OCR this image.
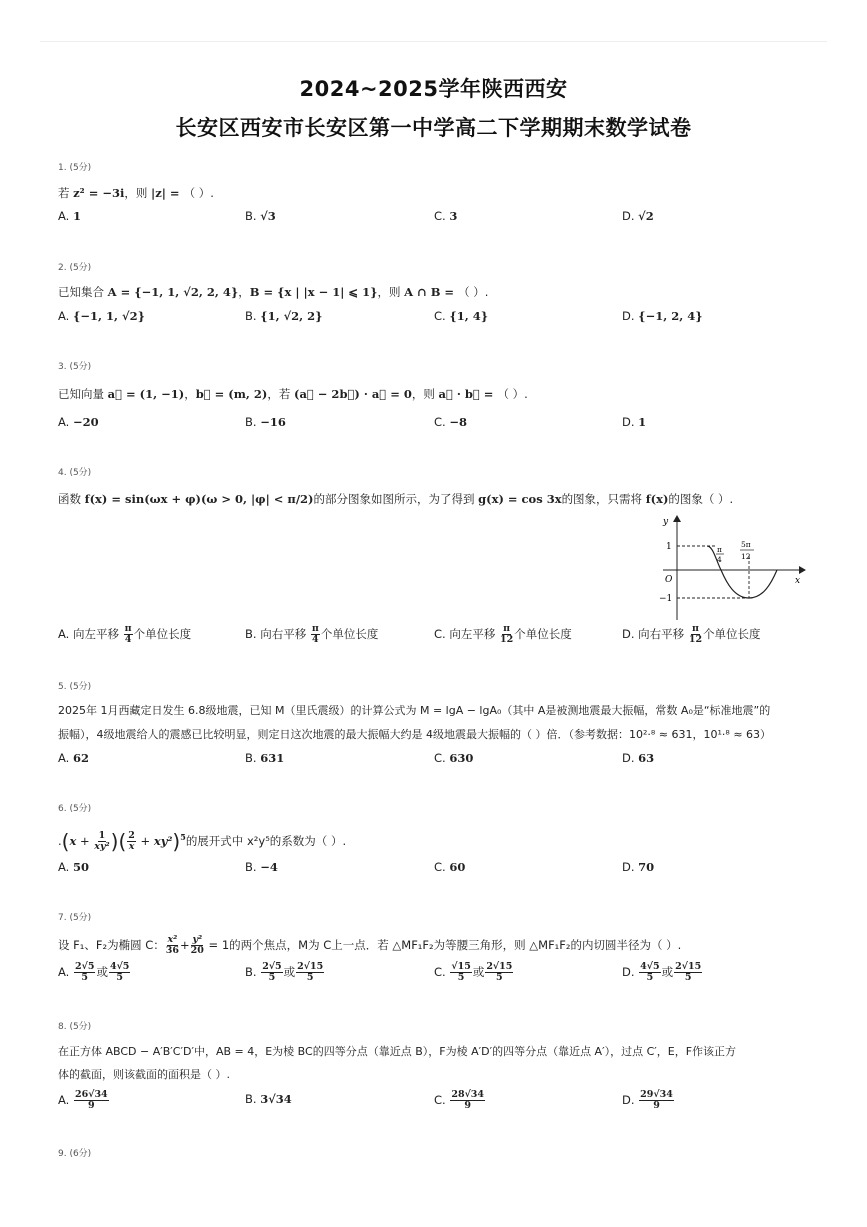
2024~2025学年陕西西安
长安区西安市长安区第一中学高二下学期期末数学试卷
1. (5分)
若 z² = −3i，则 |z| = （ ）.
A. 1	B. √3	C. 3	D. √2
2. (5分)
已知集合 A = {−1, 1, √2, 2, 4}，B = {x | |x − 1| ⩽ 1}，则 A ∩ B = （ ）.
A. {−1, 1, √2}	B. {1, √2, 2}	C. {1, 4}	D. {−1, 2, 4}
3. (5分)
已知向量 a⃗ = (1, −1)，b⃗ = (m, 2)，若 (a⃗ − 2b⃗) · a⃗ = 0，则 a⃗ · b⃗ = （ ）.
A. −20	B. −16	C. −8	D. 1
4. (5分)
函数 f(x) = sin(ωx + φ)(ω > 0, |φ| < π/2)的部分图象如图所示，为了得到 g(x) = cos 3x的图象，只需将 f(x)的图象（ ）.
y
x
O
1
−1
π
4
5π
12
A. 向左平移 $\frac{\pi}{4}$ 个单位长度	B. 向右平移 $\frac{\pi}{4}$ 个单位长度	C. 向左平移 $\frac{\pi}{12}$ 个单位长度	D. 向右平移 $\frac{\pi}{12}$ 个单位长度
5. (5分)
2025年 1月西藏定日发生 6.8级地震，已知 M（里氏震级）的计算公式为 M = lgA − lgA₀（其中 A是被测地震最大振幅，常数 A₀是“标准地震”的
振幅），4级地震给人的震感已比较明显，则定日这次地震的最大振幅大约是 4级地震最大振幅的（ ）倍．（参考数据：10²·⁸ ≈ 631，10¹·⁸ ≈ 63）
A. 62	B. 631	C. 630	D. 63
6. (5分)
$.(x + \frac{1}{\text{xy²}}$ )( $\frac{2}{x} + xy^2)^5$的展开式中 x²y⁵的系数为（ ）.
A. 50	B. −4	C. 60	D. 70
7. (5分)
设 F₁、F₂为椭圆 C： $\frac{\text{x²}}{36} + \frac{\text{y²}}{20} = 1$的两个焦点，M为 C上一点．若 △MF₁F₂为等腰三角形，则 △MF₁F₂的内切圆半径为（ ）.
A. $\frac{2√5}{5}$ 或 $\frac{4√5}{5}$	B. $\frac{2√5}{5}$ 或 $\frac{2√15}{5}$	C. $\frac{√15}{5}$ 或 $\frac{2√15}{5}$	D. $\frac{4√5}{5}$ 或 $\frac{2√15}{5}$
8. (5分)
在正方体 ABCD − A′B′C′D′中，AB = 4，E为棱 BC的四等分点（靠近点 B），F为棱 A′D′的四等分点（靠近点 A′），过点 C′，E，F作该正方
体的截面，则该截面的面积是（ ）.
A. $\frac{26√34}{9}$	B. 3√34	C. $\frac{28√34}{9}$	D. $\frac{29√34}{9}$
9. (6分)
